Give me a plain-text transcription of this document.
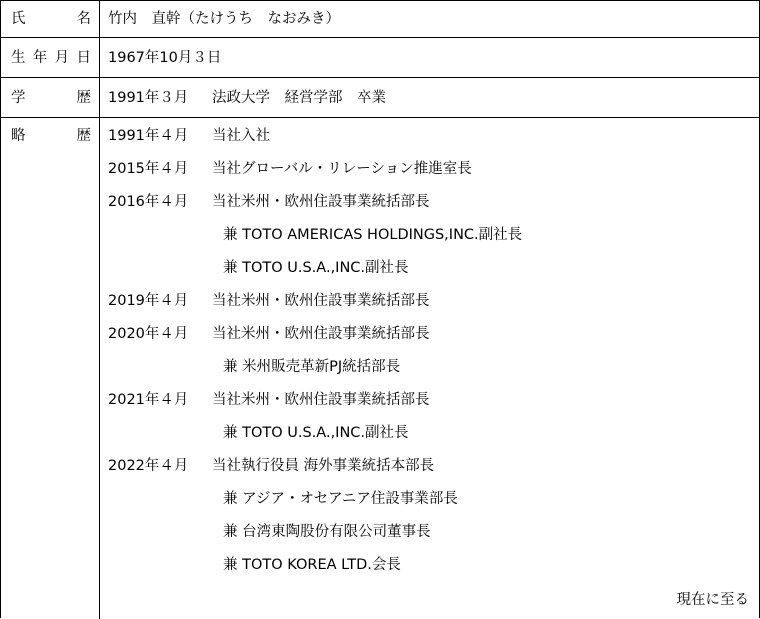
氏	名 竹内　直幹（たけうち　なおみき）
生 年 月 日 1967年10月３日
学	歴 1991年３月 法政大学　経営学部　卒業
略	歴 1991年４月 当社入社
2015年４月 当社グローバル・リレーション推進室長
2016年４月 当社米州・欧州住設事業統括部長
兼 TOTO AMERICAS HOLDINGS,INC.副社長
兼 TOTO U.S.A.,INC.副社長
2019年４月 当社米州・欧州住設事業統括部長
2020年４月 当社米州・欧州住設事業統括部長
兼 米州販売革新PJ統括部長
2021年４月 当社米州・欧州住設事業統括部長
兼 TOTO U.S.A.,INC.副社長
2022年４月 当社執行役員 海外事業統括本部長
兼 アジア・オセアニア住設事業部長
兼 台湾東陶股份有限公司董事長
兼 TOTO KOREA LTD.会長
現在に至る
